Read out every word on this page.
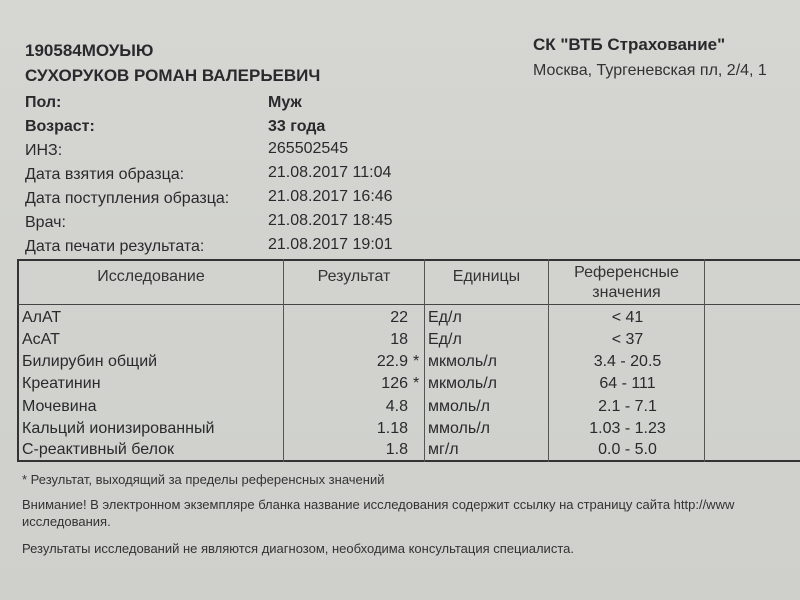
190584МОУЫЮ
СУХОРУКОВ РОМАН ВАЛЕРЬЕВИЧ
СК "ВТБ Страхование"
Москва, Тургеневская пл, 2/4, 1
Пол:	Муж
Возраст:	33 года
ИНЗ:	265502545
Дата взятия образца:	21.08.2017 11:04
Дата поступления образца: 21.08.2017 16:46
Врач:	21.08.2017 18:45
Дата печати результата:	21.08.2017 19:01
Исследование	Результат	Единицы	Референсные
значения
АлАТ	22 Ед/л	< 41
АсАТ	18 Ед/л	< 37
Билирубин общий	22.9 * мкмоль/л	3.4 - 20.5
Креатинин	126 * мкмоль/л	64 - 111
Мочевина	4.8 ммоль/л	2.1 - 7.1
Кальций ионизированный	1.18 ммоль/л	1.03 - 1.23
С-реактивный белок	1.8 мг/л	0.0 - 5.0
* Результат, выходящий за пределы референсных значений
Внимание! В электронном экземпляре бланка название исследования содержит ссылку на страницу сайта http://www
исследования.
Результаты исследований не являются диагнозом, необходима консультация специалиста.
